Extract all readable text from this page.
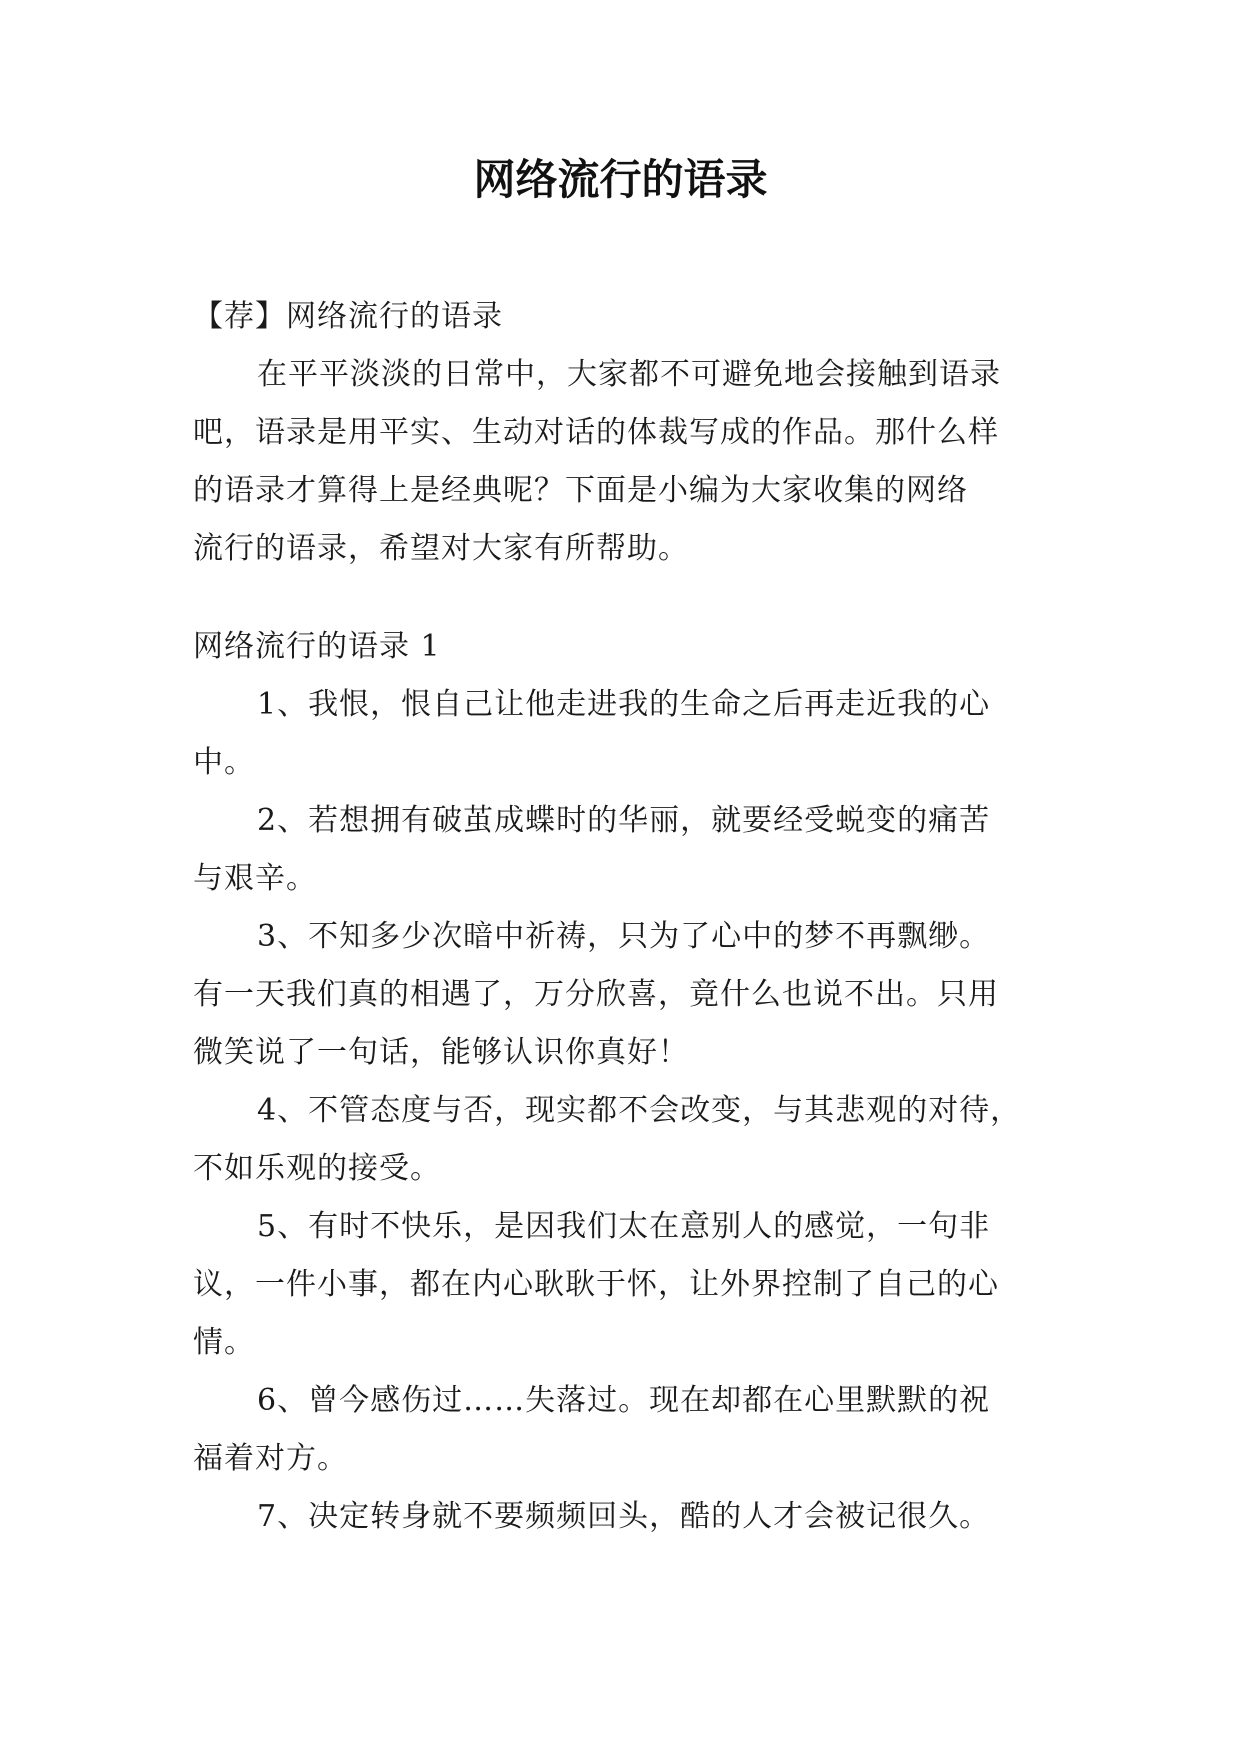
网络流行的语录

【荐】网络流行的语录

在平平淡淡的日常中，大家都不可避免地会接触到语录

吧，语录是用平实、生动对话的体裁写成的作品。那什么样

的语录才算得上是经典呢？下面是小编为大家收集的网络

流行的语录，希望对大家有所帮助。

网络流行的语录 1

1、我恨，恨自己让他走进我的生命之后再走近我的心

中。

2、若想拥有破茧成蝶时的华丽，就要经受蜕变的痛苦

与艰辛。

3、不知多少次暗中祈祷，只为了心中的梦不再飘缈。

有一天我们真的相遇了，万分欣喜，竟什么也说不出。只用

微笑说了一句话，能够认识你真好！

4、不管态度与否，现实都不会改变，与其悲观的对待，

不如乐观的接受。

5、有时不快乐，是因我们太在意别人的感觉，一句非

议，一件小事，都在内心耿耿于怀，让外界控制了自己的心

情。

6、曾今感伤过……失落过。现在却都在心里默默的祝

福着对方。

7、决定转身就不要频频回头，酷的人才会被记很久。
